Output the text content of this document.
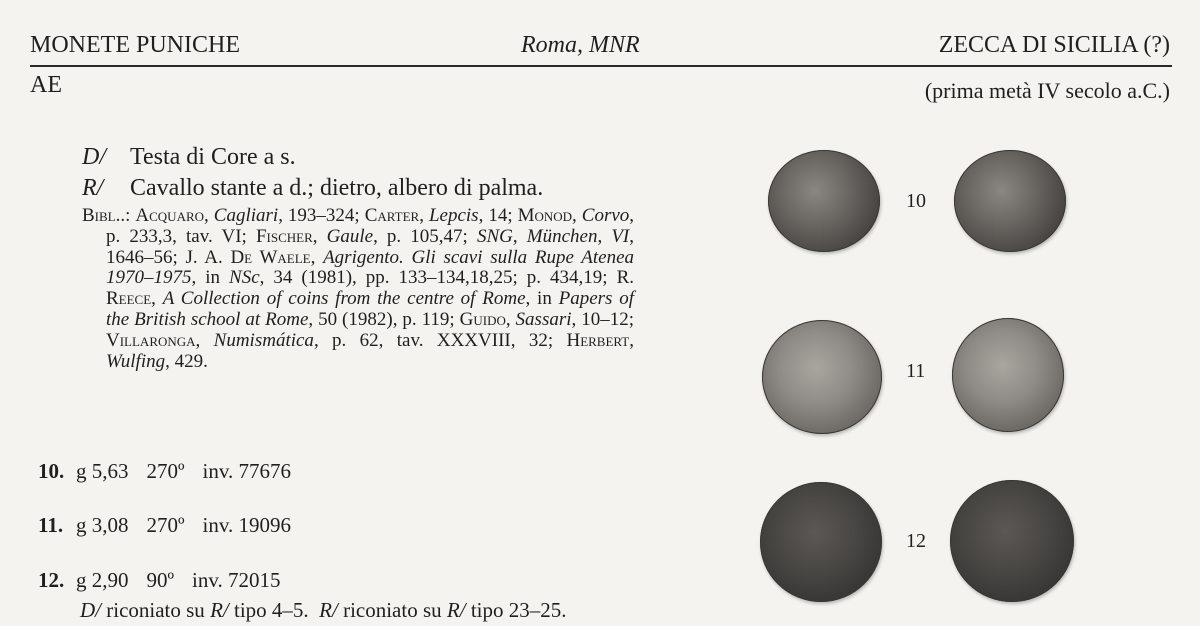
MONETE PUNICHE	Roma, MNR	ZECCA DI SICILIA (?)
AE	(prima metà IV secolo a.C.)
D/ Testa di Core a s.
R/ Cavallo stante a d.; dietro, albero di palma.
Bibl..: Acquaro, Cagliari, 193–324; Carter, Lepcis, 14; Monod, Corvo, p. 233,3, tav. VI; Fischer, Gaule, p. 105,47; SNG, München, VI, 1646–56; J. A. De Waele, Agrigento. Gli scavi sulla Rupe Atenea 1970–1975, in NSc, 34 (1981), pp. 133–134,18,25; p. 434,19; R. Reece, A Collection of coins from the centre of Rome, in Papers of the British school at Rome, 50 (1982), p. 119; Guido, Sassari, 10–12; Villaronga, Numismática, p. 62, tav. XXXVIII, 32; Herbert, Wulfing, 429.
10. g 5,63 270º inv. 77676
11. g 3,08 270º inv. 19096
12. g 2,90 90º inv. 72015
D/ riconiato su R/ tipo 4–5. R/ riconiato su R/ tipo 23–25.
10
11
12
